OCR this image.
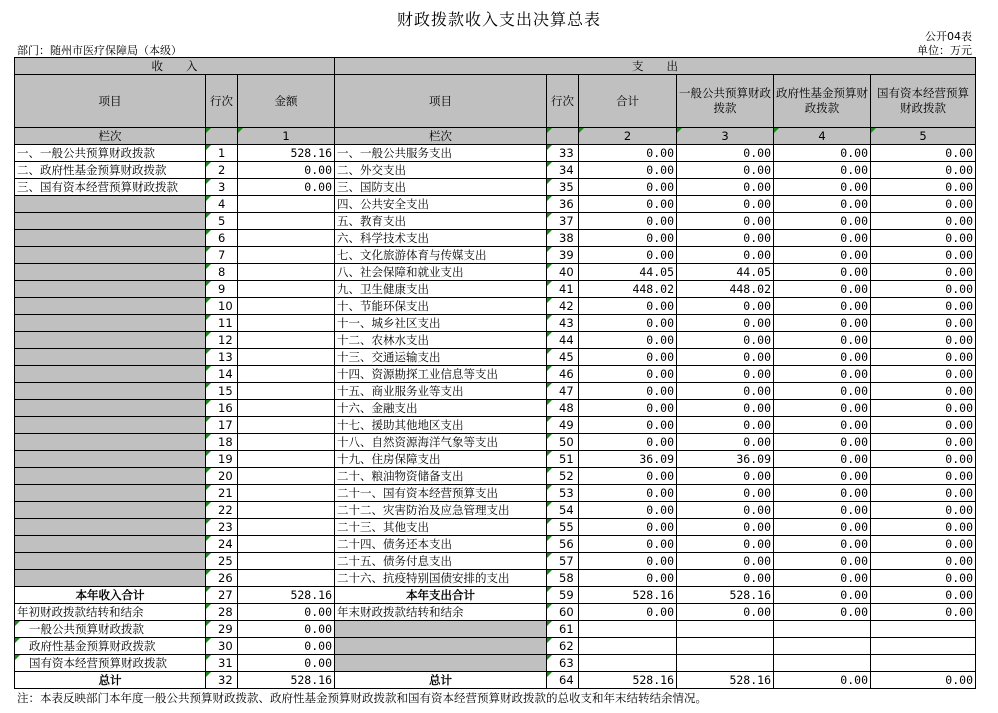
财政拨款收入支出决算总表
公开04表
部门：随州市医疗保障局（本级）	单位：万元
收　　入			支　　出					
项目	行次	金额	项目	行次	合计	一般公共预算财政拨款	政府性基金预算财政拨款	国有资本经营预算财政拨款
栏次		1	栏次		2	3	4	5
一、一般公共预算财政拨款	1	528.16	一、一般公共服务支出	33	0.00	0.00	0.00	0.00
二、政府性基金预算财政拨款	2	0.00	二、外交支出	34	0.00	0.00	0.00	0.00
三、国有资本经营预算财政拨款	3	0.00	三、国防支出	35	0.00	0.00	0.00	0.00
	4		四、公共安全支出	36	0.00	0.00	0.00	0.00
	5		五、教育支出	37	0.00	0.00	0.00	0.00
	6		六、科学技术支出	38	0.00	0.00	0.00	0.00
	7		七、文化旅游体育与传媒支出	39	0.00	0.00	0.00	0.00
	8		八、社会保障和就业支出	40	44.05	44.05	0.00	0.00
	9		九、卫生健康支出	41	448.02	448.02	0.00	0.00
	10		十、节能环保支出	42	0.00	0.00	0.00	0.00
	11		十一、城乡社区支出	43	0.00	0.00	0.00	0.00
	12		十二、农林水支出	44	0.00	0.00	0.00	0.00
	13		十三、交通运输支出	45	0.00	0.00	0.00	0.00
	14		十四、资源勘探工业信息等支出	46	0.00	0.00	0.00	0.00
	15		十五、商业服务业等支出	47	0.00	0.00	0.00	0.00
	16		十六、金融支出	48	0.00	0.00	0.00	0.00
	17		十七、援助其他地区支出	49	0.00	0.00	0.00	0.00
	18		十八、自然资源海洋气象等支出	50	0.00	0.00	0.00	0.00
	19		十九、住房保障支出	51	36.09	36.09	0.00	0.00
	20		二十、粮油物资储备支出	52	0.00	0.00	0.00	0.00
	21		二十一、国有资本经营预算支出	53	0.00	0.00	0.00	0.00
	22		二十二、灾害防治及应急管理支出	54	0.00	0.00	0.00	0.00
	23		二十三、其他支出	55	0.00	0.00	0.00	0.00
	24		二十四、债务还本支出	56	0.00	0.00	0.00	0.00
	25		二十五、债务付息支出	57	0.00	0.00	0.00	0.00
	26		二十六、抗疫特别国债安排的支出	58	0.00	0.00	0.00	0.00
本年收入合计	27	528.16	本年支出合计	59	528.16	528.16	0.00	0.00
年初财政拨款结转和结余	28	0.00	年末财政拨款结转和结余	60	0.00	0.00	0.00	0.00
一般公共预算财政拨款	29	0.00		61				
政府性基金预算财政拨款	30	0.00		62				
国有资本经营预算财政拨款	31	0.00		63				
总计	32	528.16	总计	64	528.16	528.16	0.00	0.00
注：本表反映部门本年度一般公共预算财政拨款、政府性基金预算财政拨款和国有资本经营预算财政拨款的总收支和年末结转结余情况。
